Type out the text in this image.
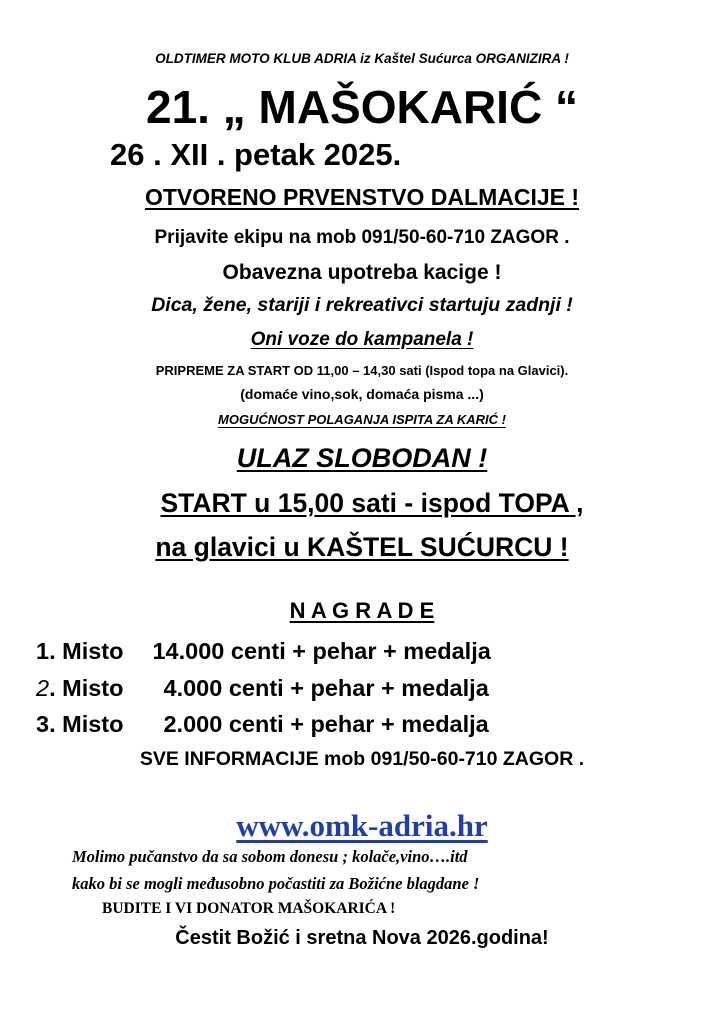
OLDTIMER MOTO KLUB ADRIA iz Kaštel Sućurca ORGANIZIRA !

21. „ MAŠOKARIĆ “

26 . XII . petak 2025.

OTVORENO PRVENSTVO DALMACIJE !

Prijavite ekipu na mob 091/50-60-710 ZAGOR .

Obavezna upotreba kacige !

Dica, žene, stariji i rekreativci startuju zadnji !

Oni voze do kampanela !

PRIPREME ZA START OD 11,00 – 14,30 sati (Ispod topa na Glavici).

(domaće vino,sok, domaća pisma ...)

MOGUĆNOST POLAGANJA ISPITA ZA KARIĆ !

ULAZ SLOBODAN !

START u 15,00 sati - ispod TOPA ,

na glavici u KAŠTEL SUĆURCU !

N A G R A D E

1. Misto 14.000 centi + pehar + medalja
2. Misto 4.000 centi + pehar + medalja
3. Misto 2.000 centi + pehar + medalja

SVE INFORMACIJE mob 091/50-60-710 ZAGOR .

www.omk-adria.hr

Molimo pučanstvo da sa sobom donesu ; kolače,vino….itd

kako bi se mogli međusobno počastiti za Božićne blagdane !

BUDITE I VI DONATOR MAŠOKARIĆA !

Čestit Božić i sretna Nova 2026.godina!
